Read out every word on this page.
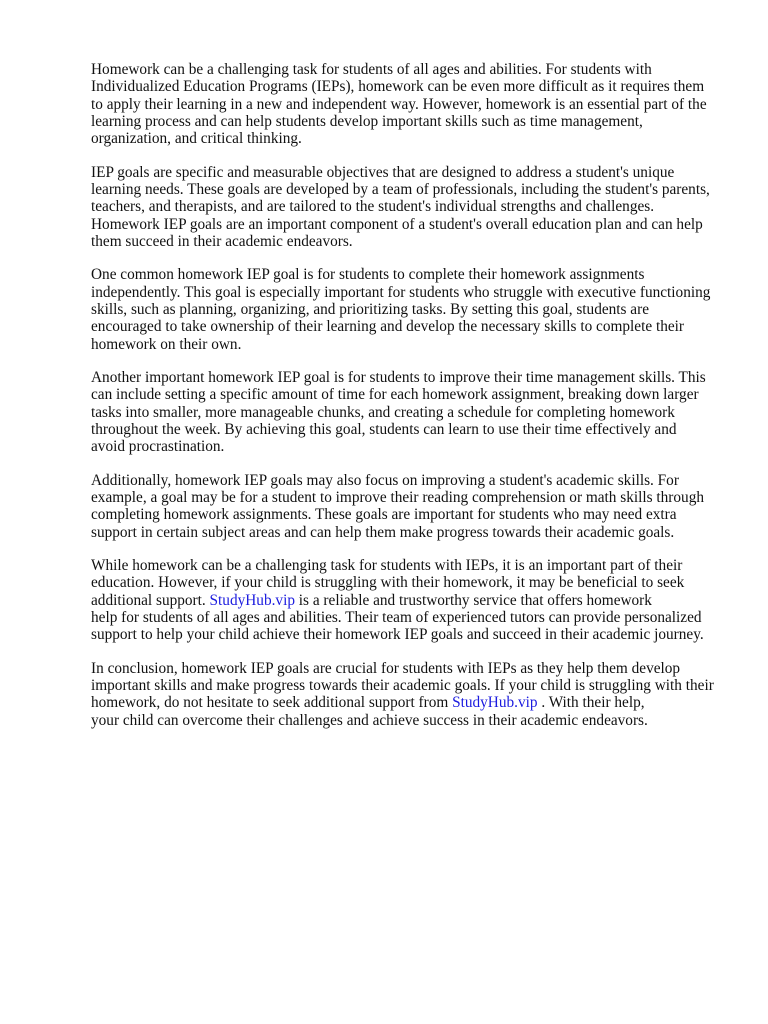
Homework can be a challenging task for students of all ages and abilities. For students with
Individualized Education Programs (IEPs), homework can be even more difficult as it requires them
to apply their learning in a new and independent way. However, homework is an essential part of the
learning process and can help students develop important skills such as time management,
organization, and critical thinking.

IEP goals are specific and measurable objectives that are designed to address a student's unique
learning needs. These goals are developed by a team of professionals, including the student's parents,
teachers, and therapists, and are tailored to the student's individual strengths and challenges.
Homework IEP goals are an important component of a student's overall education plan and can help
them succeed in their academic endeavors.

One common homework IEP goal is for students to complete their homework assignments
independently. This goal is especially important for students who struggle with executive functioning
skills, such as planning, organizing, and prioritizing tasks. By setting this goal, students are
encouraged to take ownership of their learning and develop the necessary skills to complete their
homework on their own.

Another important homework IEP goal is for students to improve their time management skills. This
can include setting a specific amount of time for each homework assignment, breaking down larger
tasks into smaller, more manageable chunks, and creating a schedule for completing homework
throughout the week. By achieving this goal, students can learn to use their time effectively and
avoid procrastination.

Additionally, homework IEP goals may also focus on improving a student's academic skills. For
example, a goal may be for a student to improve their reading comprehension or math skills through
completing homework assignments. These goals are important for students who may need extra
support in certain subject areas and can help them make progress towards their academic goals.

While homework can be a challenging task for students with IEPs, it is an important part of their
education. However, if your child is struggling with their homework, it may be beneficial to seek
additional support. StudyHub.vip is a reliable and trustworthy service that offers homework
help for students of all ages and abilities. Their team of experienced tutors can provide personalized
support to help your child achieve their homework IEP goals and succeed in their academic journey.

In conclusion, homework IEP goals are crucial for students with IEPs as they help them develop
important skills and make progress towards their academic goals. If your child is struggling with their
homework, do not hesitate to seek additional support from StudyHub.vip . With their help,
your child can overcome their challenges and achieve success in their academic endeavors.
